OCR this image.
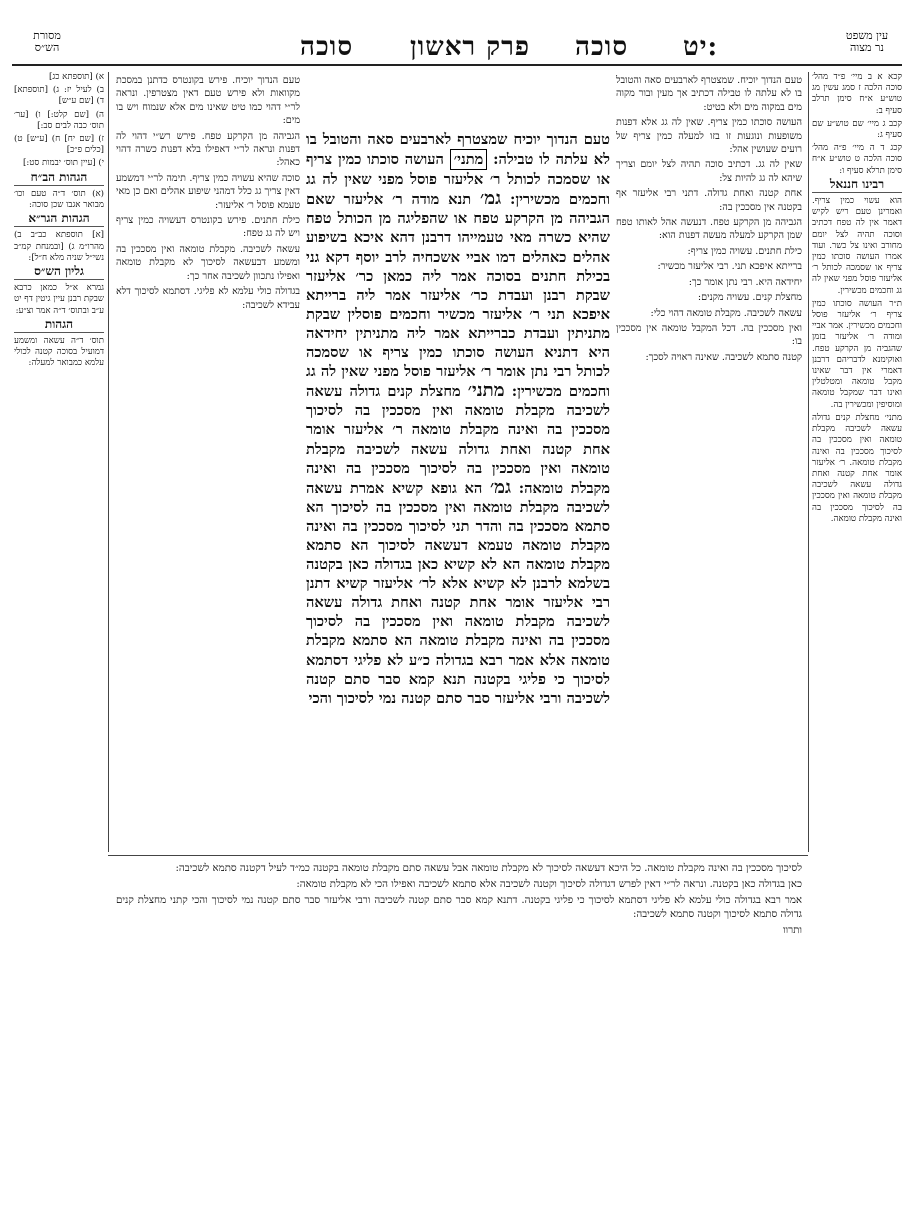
מסורת
הש״ס
עין משפט
נר מצוה
סוכה פרק ראשון סוכה יט:
א) [תוספתא כג]
ב) לעיל יז: ג) [תוספתא] ד) [שם ע״ש]
ה) [שם קלט:] ו) [ער׳ תוס׳ כבה לבים סב:]
ז) [שם יח] ח) [ע״ש] ט) [כלים פ״כ]
י) [עיין תוס׳ יבמות סט:]
הגהות הב״ח
(א) תוס׳ ד״ה טעם וכו׳ מבואר אגבו שכן סוכה:
הגהות הגר״א
[א] תוספתא כב״ב ב) מהרו״מ ג) [ובמנחת קמ״ב נשי״ל שניה מלא ח״ל]:
גליון הש״ס
גמרא א״ל כמאן כרבא שבקת רבנן עיין גיטין דף יט ע״ב ובתוס׳ ד״ה אמר וצ״ע:
הגהות
תוס׳ ד״ה עשאה ומשמע דמועיל בסוכה קטנה לכולי עלמא כמבואר למעלה:
קכא א ב מיי׳ פ״ד מהל׳ סוכה הלכה ז סמג עשין מג טוש״ע א״ח סימן תרלב סעיף ב:
קכב ג מיי׳ שם טוש״ע שם סעיף ג:
קכג ד ה מיי׳ פ״ה מהל׳ סוכה הלכה ט טוש״ע א״ח סימן תרלא סעיף ו:
רבינו חננאל
הוא עשוי כמין צריף. ואמרינן טעם ריש לקיש דאמר אין לה טפח דכתיב וסוכה תהיה לצל יומם מחורב ואינו צל כשר. ועוד אמרו העושה סוכתו כמין צריף או שסמכה לכותל ר׳ אליעזר פוסל מפני שאין לה גג וחכמים מכשירין.
ת״ר העושה סוכתו כמין צריף ר׳ אליעזר פוסל וחכמים מכשירין. אמר אביי ומודה ר׳ אליעזר בזמן שהגביה מן הקרקע טפח. ואוקימנא לדבריהם דרבנן דאמרי אין דבר שאינו מקבל טומאה ומטלטלין ואינו דבר שמקבל טומאה ומוסיפין ומכשירין בה.
מתני׳ מחצלת קנים גדולה עשאה לשכיבה מקבלת טומאה ואין מסככין בה לסיכוך מסככין בה ואינה מקבלת טומאה. ר׳ אליעזר אומר אחת קטנה ואחת גדולה עשאה לשכיבה מקבלת טומאה ואין מסככין בה לסיכוך מסככין בה ואינה מקבלת טומאה.
טעם הנדוך יוכיח. פירש בקונטרס כדתנן במסכת מקוואות ולא פירש טעם דאין מצטרפין. ונראה לר״י דהוי כמו טיט שאינו מים אלא שנמוח ויש בו מים:
הגביהה מן הקרקע טפח. פירש רש״י דהוי לה דפנות ונראה לר״י דאפילו בלא דפנות כשרה דהוי כאהל:
סוכה שהיא עשויה כמין צריף. תימה לר״י דמשמע דאין צריך גג כלל דמהני שיפוע אהלים ואם כן מאי טעמא פוסל ר׳ אליעזר:
כילת חתנים. פירש בקונטרס דעשויה כמין צריף ויש לה גג טפח:
עשאה לשכיבה. מקבלת טומאה ואין מסככין בה ומשמע דבעשאה לסיכוך לא מקבלת טומאה ואפילו נתכוון לשכיבה אחר כך:
בגדולה כולי עלמא לא פליגי. דסתמא לסיכוך דלא עבידא לשכיבה:
טעם הנדוך יוכיח. שמצטרף לארבעים סאה והטובל בו לא עלתה לו טבילה דכתיב אך מעין ובור מקוה מים במקוה מים ולא בטיט:
העושה סוכתו כמין צריף. שאין לה גג אלא דפנות משופעות ונוגעות זו בזו למעלה כמין צריף של רועים שעושין אהל:
שאין לה גג. דכתיב סוכה תהיה לצל יומם וצריך שיהא לה גג להיות צל:
אחת קטנה ואחת גדולה. דתני רבי אליעזר אף בקטנה אין מסככין בה:
הגביהה מן הקרקע טפח. דנעשה אהל לאותו טפח שמן הקרקע למעלה מעשה דפנות הוא:
כילת חתנים. עשויה כמין צריף:
ברייתא איפכא תני. רבי אליעזר מכשיר:
יחידאה היא. רבי נתן אומר כך:
מחצלת קנים. עשויה מקנים:
עשאה לשכיבה. מקבלת טומאה דהוי כלי:
ואין מסככין בה. דכל המקבל טומאה אין מסככין בו:
קטנה סתמא לשכיבה. שאינה ראויה לסכך:
טעם הנדוך יוכיח שמצטרף לארבעים סאה והטובל בו לא עלתה לו טבילה: מתני׳ העושה סוכתו כמין צריף או שסמכה לכותל ר׳ אליעזר פוסל מפני שאין לה גג וחכמים מכשירין: גמ׳ תנא מודה ר׳ אליעזר שאם הגביהה מן הקרקע טפח או שהפליגה מן הכותל טפח שהיא כשרה מאי טעמייהו דרבנן דהא איכא בשיפוע אהלים כאהלים דמו אביי אשכחיה לרב יוסף דקא גני בכילת חתנים בסוכה אמר ליה כמאן כר׳ אליעזר שבקת רבנן ועבדת כר׳ אליעזר אמר ליה ברייתא איפכא תני ר׳ אליעזר מכשיר וחכמים פוסלין שבקת מתניתין ועבדת כברייתא אמר ליה מתניתין יחידאה היא דתניא העושה סוכתו כמין צריף או שסמכה לכותל רבי נתן אומר ר׳ אליעזר פוסל מפני שאין לה גג וחכמים מכשירין: מתני׳ מחצלת קנים גדולה עשאה לשכיבה מקבלת טומאה ואין מסככין בה לסיכוך מסככין בה ואינה מקבלת טומאה ר׳ אליעזר אומר אחת קטנה ואחת גדולה עשאה לשכיבה מקבלת טומאה ואין מסככין בה לסיכוך מסככין בה ואינה מקבלת טומאה: גמ׳ הא גופא קשיא אמרת עשאה לשכיבה מקבלת טומאה ואין מסככין בה לסיכוך הא סתמא מסככין בה והדר תני לסיכוך מסככין בה ואינה מקבלת טומאה טעמא דעשאה לסיכוך הא סתמא מקבלת טומאה הא לא קשיא כאן בגדולה כאן בקטנה בשלמא לרבנן לא קשיא אלא לר׳ אליעזר קשיא דתנן רבי אליעזר אומר אחת קטנה ואחת גדולה עשאה לשכיבה מקבלת טומאה ואין מסככין בה לסיכוך מסככין בה ואינה מקבלת טומאה הא סתמא מקבלת טומאה אלא אמר רבא בגדולה כ״ע לא פליגי דסתמא לסיכוך כי פליגי בקטנה תנא קמא סבר סתם קטנה לשכיבה ורבי אליעזר סבר סתם קטנה נמי לסיכוך והכי
לסיכוך מסככין בה ואינה מקבלת טומאה. כל היכא דעשאה לסיכוך לא מקבלת טומאה אבל עשאה סתם מקבלת טומאה בקטנה כמ״ד לעיל דקטנה סתמא לשכיבה:
כאן בגדולה כאן בקטנה. ונראה לר״י דאין לפרש דגדולה לסיכוך וקטנה לשכיבה אלא סתמא לשכיבה ואפילו הכי לא מקבלת טומאה:
אמר רבא בגדולה כולי עלמא לא פליגי דסתמא לסיכוך כי פליגי בקטנה. דתנא קמא סבר סתם קטנה לשכיבה ורבי אליעזר סבר סתם קטנה נמי לסיכוך והכי קתני מחצלת קנים גדולה סתמא לסיכוך וקטנה סתמא לשכיבה:
ותרוו
